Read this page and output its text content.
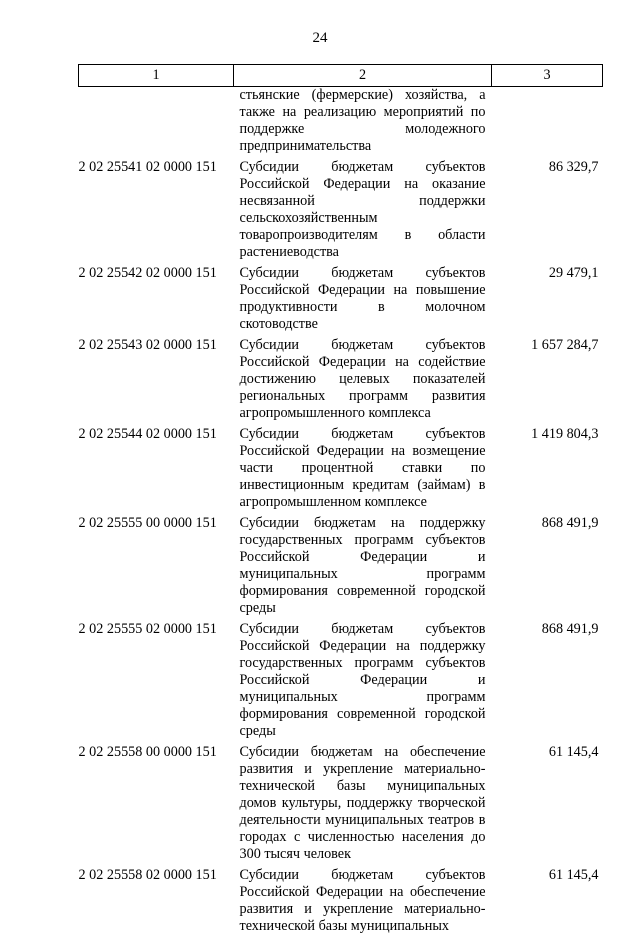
24
1	2	3
	стьянские (фермерские) хозяйства, а также на реализацию мероприятий по поддержке молодежного предпринимательства	
2 02 25541 02 0000 151	Субсидии бюджетам субъектов Российской Федерации на оказание несвязанной поддержки сельскохозяйственным товаропроизводителям в области растениеводства	86 329,7
2 02 25542 02 0000 151	Субсидии бюджетам субъектов Российской Федерации на повышение продуктивности в молочном скотоводстве	29 479,1
2 02 25543 02 0000 151	Субсидии бюджетам субъектов Российской Федерации на содействие достижению целевых показателей региональных программ развития агропромышленного комплекса	1 657 284,7
2 02 25544 02 0000 151	Субсидии бюджетам субъектов Российской Федерации на возмещение части процентной ставки по инвестиционным кредитам (займам) в агропромышленном комплексе	1 419 804,3
2 02 25555 00 0000 151	Субсидии бюджетам на поддержку государственных программ субъектов Российской Федерации и муниципальных программ формирования современной городской среды	868 491,9
2 02 25555 02 0000 151	Субсидии бюджетам субъектов Российской Федерации на поддержку государственных программ субъектов Российской Федерации и муниципальных программ формирования современной городской среды	868 491,9
2 02 25558 00 0000 151	Субсидии бюджетам на обеспечение развития и укрепление материально-технической базы муниципальных домов культуры, поддержку творческой деятельности муниципальных театров в городах с численностью населения до 300 тысяч человек	61 145,4
2 02 25558 02 0000 151	Субсидии бюджетам субъектов Российской Федерации на обеспечение развития и укрепление материально-технической базы муниципальных	61 145,4
